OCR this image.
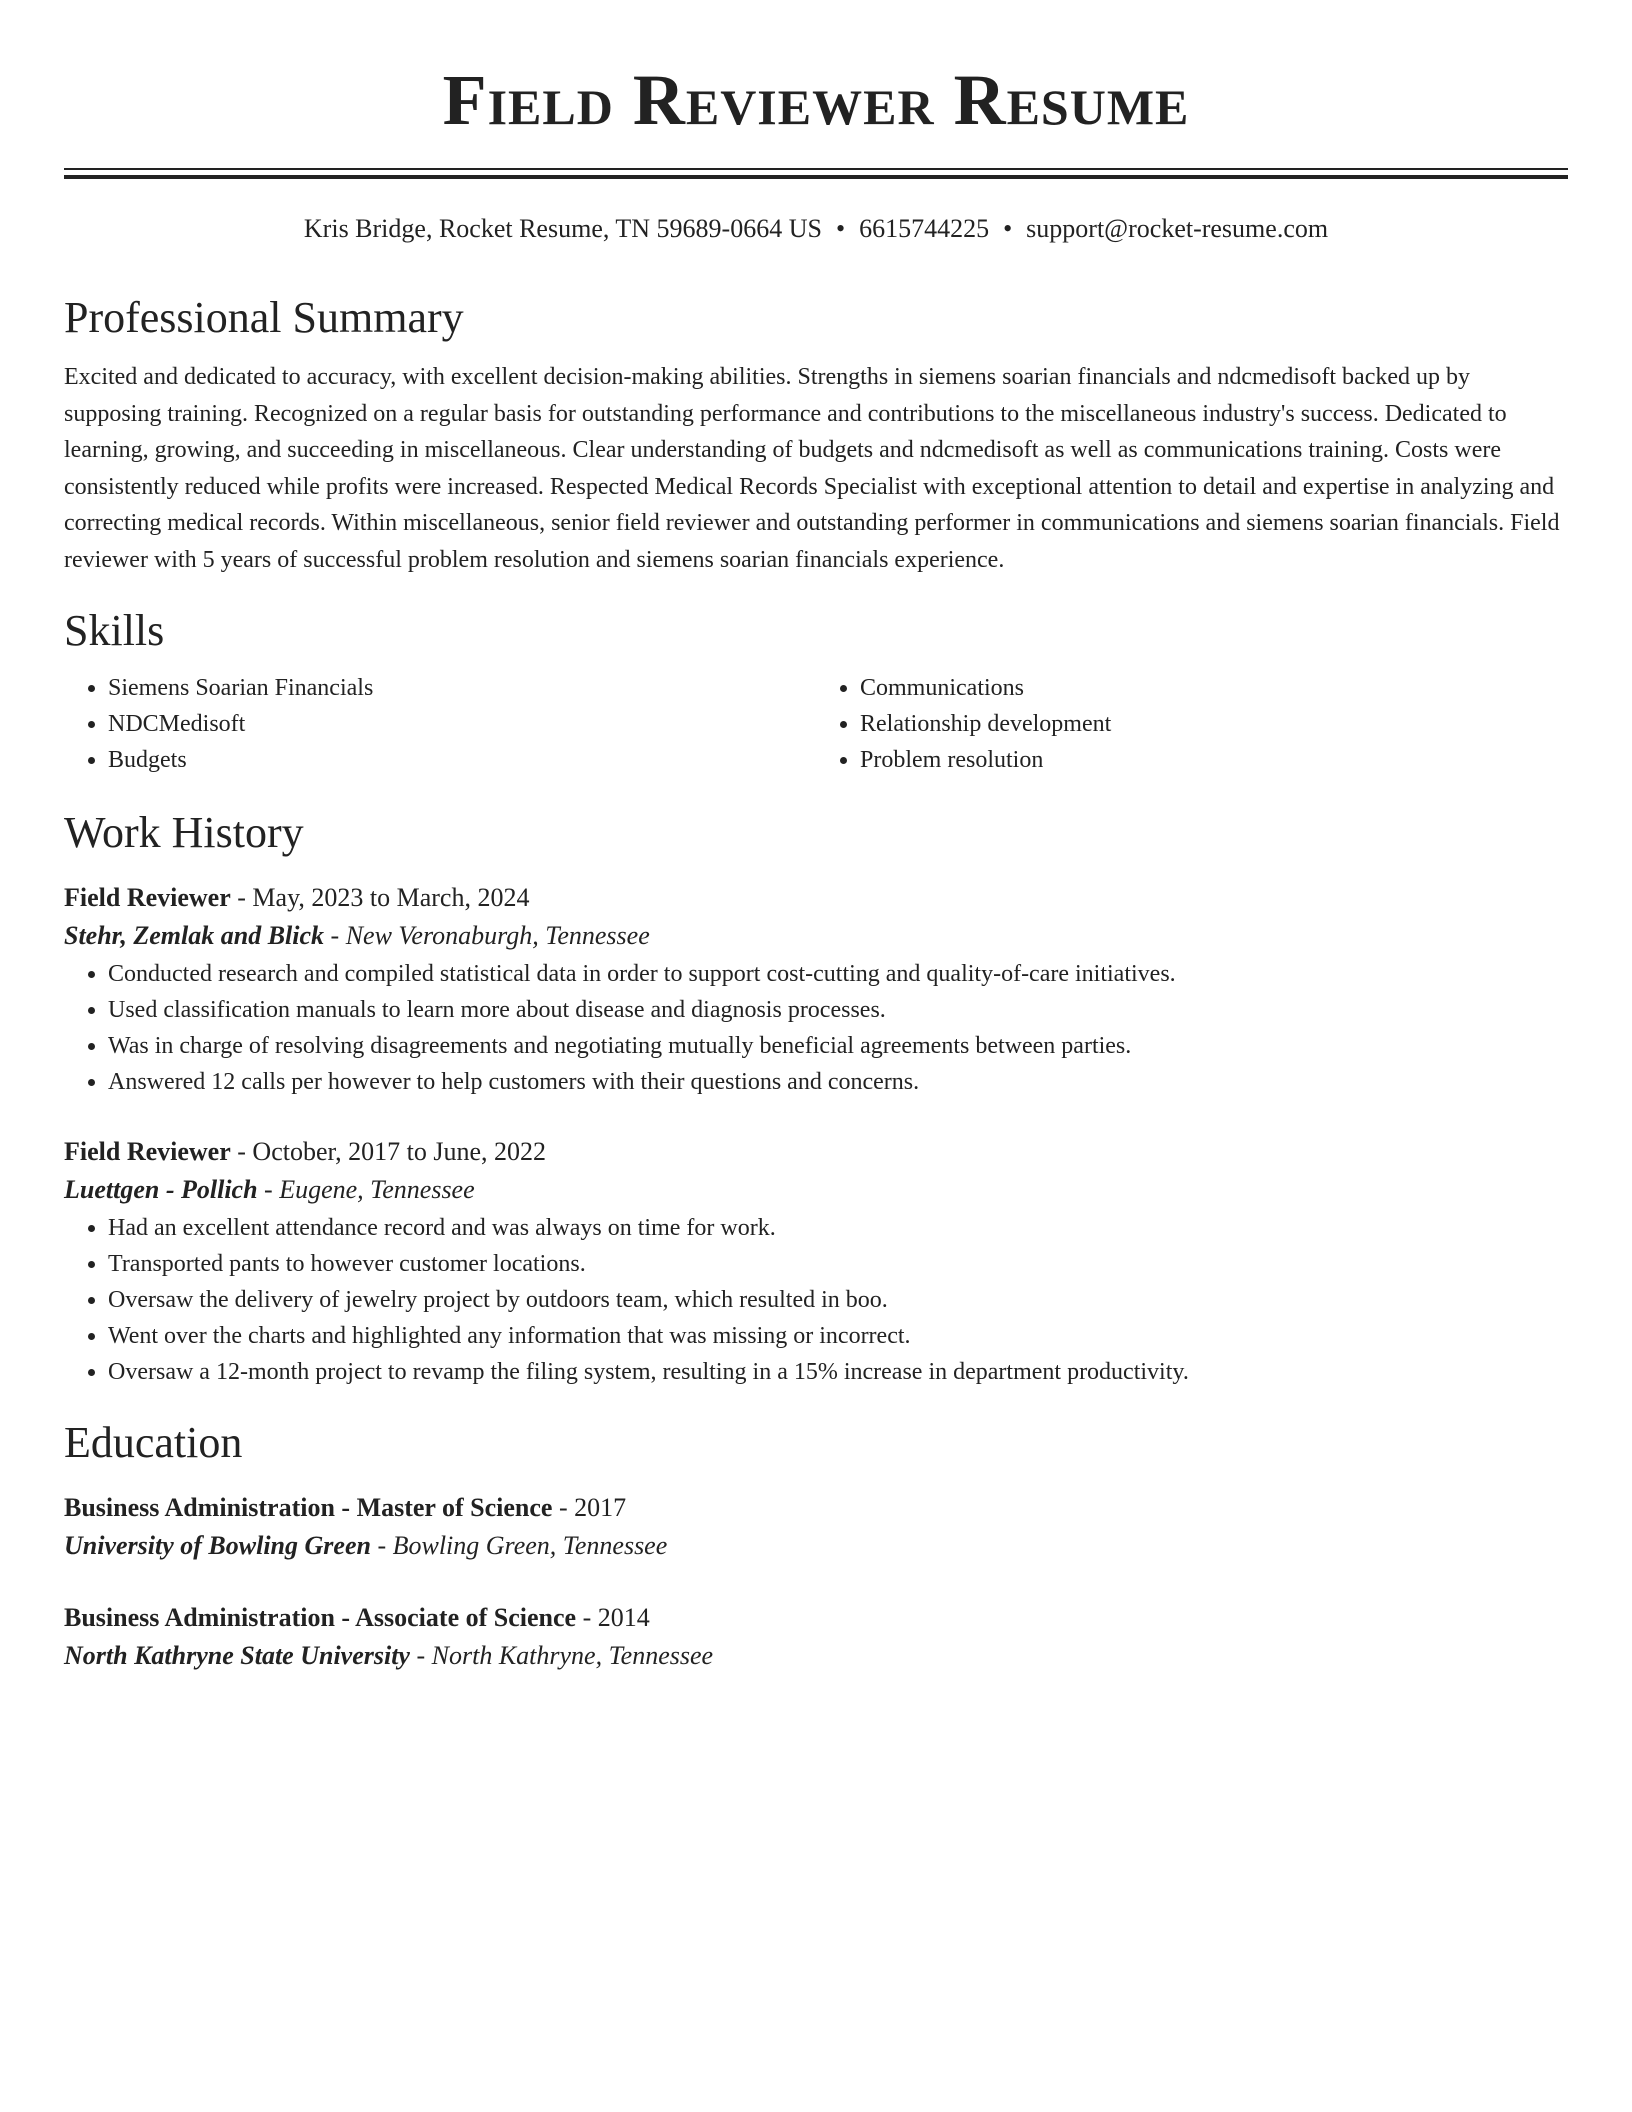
Field Reviewer Resume
Kris Bridge, Rocket Resume, TN 59689-0664 US • 6615744225 • support@rocket-resume.com
Professional Summary
Excited and dedicated to accuracy, with excellent decision-making abilities. Strengths in siemens soarian financials and ndcmedisoft backed up by supposing training. Recognized on a regular basis for outstanding performance and contributions to the miscellaneous industry's success. Dedicated to learning, growing, and succeeding in miscellaneous. Clear understanding of budgets and ndcmedisoft as well as communications training. Costs were consistently reduced while profits were increased. Respected Medical Records Specialist with exceptional attention to detail and expertise in analyzing and correcting medical records. Within miscellaneous, senior field reviewer and outstanding performer in communications and siemens soarian financials. Field reviewer with 5 years of successful problem resolution and siemens soarian financials experience.
Skills
• Siemens Soarian Financials
• NDCMedisoft
• Budgets
• Communications
• Relationship development
• Problem resolution
Work History
Field Reviewer - May, 2023 to March, 2024
Stehr, Zemlak and Blick - New Veronaburgh, Tennessee
• Conducted research and compiled statistical data in order to support cost-cutting and quality-of-care initiatives.
• Used classification manuals to learn more about disease and diagnosis processes.
• Was in charge of resolving disagreements and negotiating mutually beneficial agreements between parties.
• Answered 12 calls per however to help customers with their questions and concerns.
Field Reviewer - October, 2017 to June, 2022
Luettgen - Pollich - Eugene, Tennessee
• Had an excellent attendance record and was always on time for work.
• Transported pants to however customer locations.
• Oversaw the delivery of jewelry project by outdoors team, which resulted in boo.
• Went over the charts and highlighted any information that was missing or incorrect.
• Oversaw a 12-month project to revamp the filing system, resulting in a 15% increase in department productivity.
Education
Business Administration - Master of Science - 2017
University of Bowling Green - Bowling Green, Tennessee
Business Administration - Associate of Science - 2014
North Kathryne State University - North Kathryne, Tennessee
